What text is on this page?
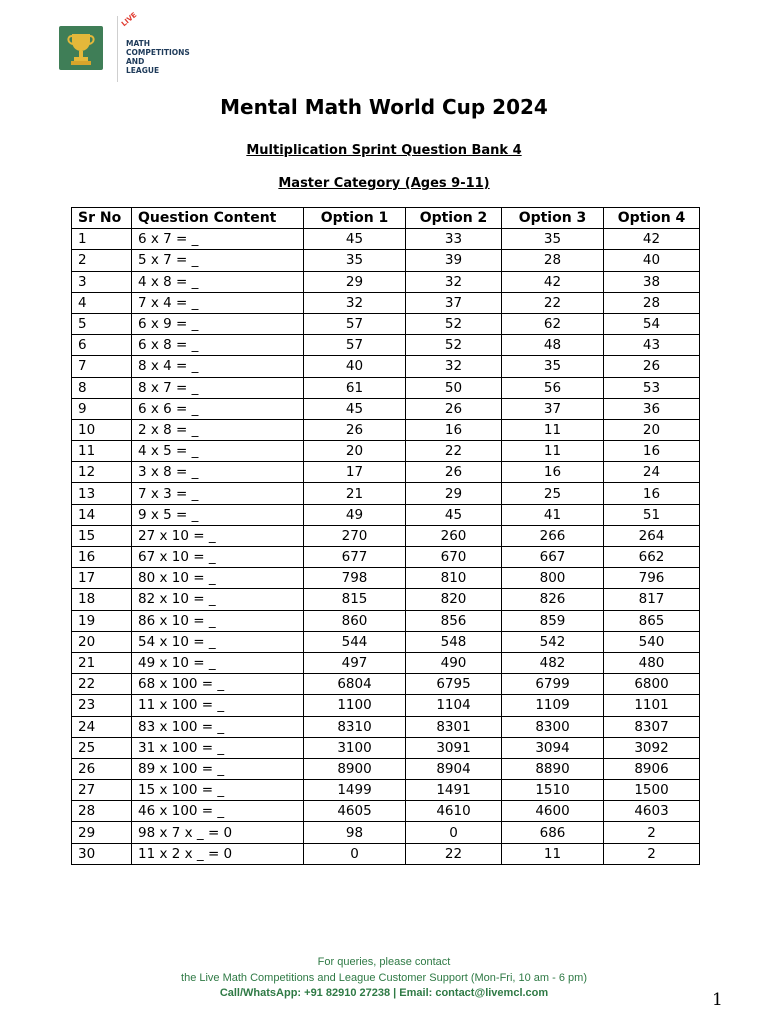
LIVE
MATH
COMPETITIONS
AND
LEAGUE
Mental Math World Cup 2024
Multiplication Sprint Question Bank 4
Master Category (Ages 9-11)
Sr No	Question Content	Option 1	Option 2	Option 3	Option 4
1	6 x 7 = _	45	33	35	42
2	5 x 7 = _	35	39	28	40
3	4 x 8 = _	29	32	42	38
4	7 x 4 = _	32	37	22	28
5	6 x 9 = _	57	52	62	54
6	6 x 8 = _	57	52	48	43
7	8 x 4 = _	40	32	35	26
8	8 x 7 = _	61	50	56	53
9	6 x 6 = _	45	26	37	36
10	2 x 8 = _	26	16	11	20
11	4 x 5 = _	20	22	11	16
12	3 x 8 = _	17	26	16	24
13	7 x 3 = _	21	29	25	16
14	9 x 5 = _	49	45	41	51
15	27 x 10 = _	270	260	266	264
16	67 x 10 = _	677	670	667	662
17	80 x 10 = _	798	810	800	796
18	82 x 10 = _	815	820	826	817
19	86 x 10 = _	860	856	859	865
20	54 x 10 = _	544	548	542	540
21	49 x 10 = _	497	490	482	480
22	68 x 100 = _	6804	6795	6799	6800
23	11 x 100 = _	1100	1104	1109	1101
24	83 x 100 = _	8310	8301	8300	8307
25	31 x 100 = _	3100	3091	3094	3092
26	89 x 100 = _	8900	8904	8890	8906
27	15 x 100 = _	1499	1491	1510	1500
28	46 x 100 = _	4605	4610	4600	4603
29	98 x 7 x _ = 0	98	0	686	2
30	11 x 2 x _ = 0	0	22	11	2
For queries, please contact
the Live Math Competitions and League Customer Support (Mon-Fri, 10 am - 6 pm)
Call/WhatsApp: +91 82910 27238 | Email: contact@livemcl.com	1
